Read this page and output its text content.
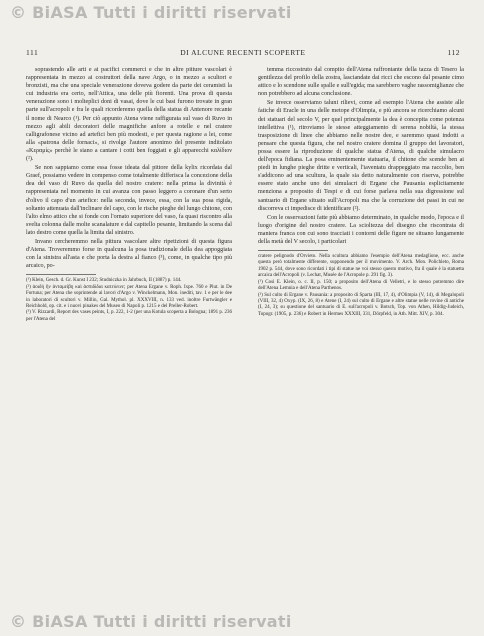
© BiASA Tutti i diritti riservati
111	DI ALCUNE RECENTI SCOPERTE	112

soprastendo alle arti e ai pacifici commerci e che in altre pitture vascolari è rappresentata in mezzo ai costruttori della nave Argo, o in mezzo a scultori e bronzisti, ma che una speciale venerazione doveva godere da parte dei ceramisti la cui industria era certo, nell'Attica, una delle più fiorenti. Una prova di questa venerazione sono i molteplici doni di vasai, dove le cui basi furono trovate in gran parte sull'acropoli e fra le quali ricorderemo quella della statua di Antenore recante il nome di Nearco (¹). Per ciò appunto Atena viene raffigurata sul vaso di Ruvo in mezzo agli abili decoratori delle magnifiche anfore a rotelle e nel cratere calligrafonese vicino ad artefici ben più modesti, e per questa ragione a lei, come alla «patrona delle fornaci», si rivolge l'autore anonimo del presente inditolato «Κεραμίς» perchè le siano a cantare i cotti ben foggiati e gli apparecchi καλίδιον (²).

Se non sappiamo come essa fosse ideata dal pittore della kylix ricordata dal Graef, possiamo vedere in compenso come totalmente differisca la concezione della dea del vaso di Ruvo da quella del nostro cratere: nella prima la divinità è rappresentata nel momento in cui avanza con passo leggero a coronare d'un serto d'olivo il capo d'un artefice: nella seconda, invece, essa, con la sua posa rigida, soltanto attenuata dall'inclinare del capo, con le rische pieghe del lungo chitone, con l'alto elmo attico che si fonde con l'ornato superiore del vaso, fa quasi riscontro alla svelta colonna dalle molte scanalature e dal capitello pesante, limitando la scena dal lato destro come quella la limita dal sinistro.

Invano cercheremmo nella pittura vascolare altre ripetizioni di questa figura d'Atena. Troveremmo forse in qualcuna la posa tradizionale della dea appoggiata con la sinistra all'asta e che porta la destra al fianco (³), come, in qualche tipo più arcaico, po-

(¹) Klein, Gesch. d. Gr. Kunst I 232; Studniczka in Jahrbuch, II (1887) p. 144.

(²) ἀοιδή ἢν ἀνταμείβη καὶ ἀσπιδίδια κατεύεινε; per Atena Ergane v. Roph. Ixpe. 760 e Plut. in De Fortuna; per Atena che soprintende ai lavori d'Argo v. Winckelmann, Mon. inediti, tav. 1 e per le dee in laboratori di scultori v. Millin, Gal. Mythol. pl. XXXVIII, n. 133 ved. inoltre Furtwängler e Reichhold, op. cit. e i nuovi pinakes del Museo di Napoli p. 1215 e del Preller-Robert.

(³) V. Rizzardi, Report des vases peints, I, p. 222, 1-2 (per una Kotula scoperta a Bologna; 1891 p. 236 per l'Atena del

temma riccostruto dal compito dell'Atena raffrontante della tazza di Tesero la gentilezza del profilo della zostra, lasciandate dai ricci che escono dal pesante cimo attico e lo scendone sulle spalle e sull'egida; ma sarebbero vaghe rassomiglianze che non potrebbero ad alcuna conclusione.

Se invece osserviamo taluni rilievi, come ad esempio l'Atena che assiste alle fatiche di Eracle in una delle metope d'Olimpia, e più ancora se ricerchiamo alcuni dei statuari del secolo V, per quel principalmente la dea è concepita come potenza intellettiva (¹), ritroviamo le stesse atteggiamento di serena nobiltà, la stessa trasposizione di linee che abbiamo nelle nostre dee, e saremmo quasi indotti a pensare che questa figura, che nel nostro cratere domina il gruppo dei lavoratori, possa essere la riproduzione di qualche statua d'Atena, di qualche simulacro dell'epoca fidiana. La posa eminentemente statuaria, il chitone che scende ben ai piedi in lunghe pieghe dritte e verticali, l'iaventatu drappeggiato ma raccolto, ben s'addicono ad una scultura, la quale sia detto naturalmente con riserva, potrebbe essere stato anche uno dei simulacri di Ergane che Pausania esplicitamente menziona a proposito di Tespi e di cui forse parlava nella sua digressione sul santuario di Ergane situato sull'Acropoli ma che la corruzione dei passi in cui ne discorreva ci impedisce di identificare (²).

Con le osservazioni fatte più abbiamo determinato, in qualche modo, l'epoca e il luogo d'origine del nostro cratere. La scioltezza del disegno che riscontrata di maniera franca con cui sono tracciati i contorni delle figure ne situano lungamente della metà del V secolo, i particolari

cratere pelignodo d'Orvieto. Nella scultura abbiamo l'esempio dell'Atena medaglione, ecc. anche questa però totalmente differente, supponendo per il movimento. V. Arch. Mon. Polichleto, Roma 1902 p. 544, dove sono ricordati i tipi di statue ne voi stesso questo motivo, fra il quale è la statuetta arcaica dell'Acropoli (v. Lechat, Musée de l'Acropole p. 291 fig. 3).

(¹) Così E. Klein, o. c. II, p. 150; a proposito dell'Atena di Velletri, e lo stesso potremmo dire dell'Atena Lemnia e dell'Atena Parthenos.

(²) Sul culto di Ergane v. Pausania: a proposito di Sparta (III, 17, 4), d'Olimpia (V, 14), di Megalopoli (VIII, 32, 4) Oxyp. (IX, 26, 8) e Atene (I, 24) sul culto di Ergane e altre statue nelle rovine di antiche (I, 24, 3); su questione del santuario di E. sull'acropoli v. Botsch, Top. von Athen, Hildig-Judeich, Topogr. (1905, p. 236) e Robert in Hermes XXXIII, 331, Dörpfeld, in Ath. Mitt. XIV, p. 304.

© BiASA Tutti i diritti riservati
